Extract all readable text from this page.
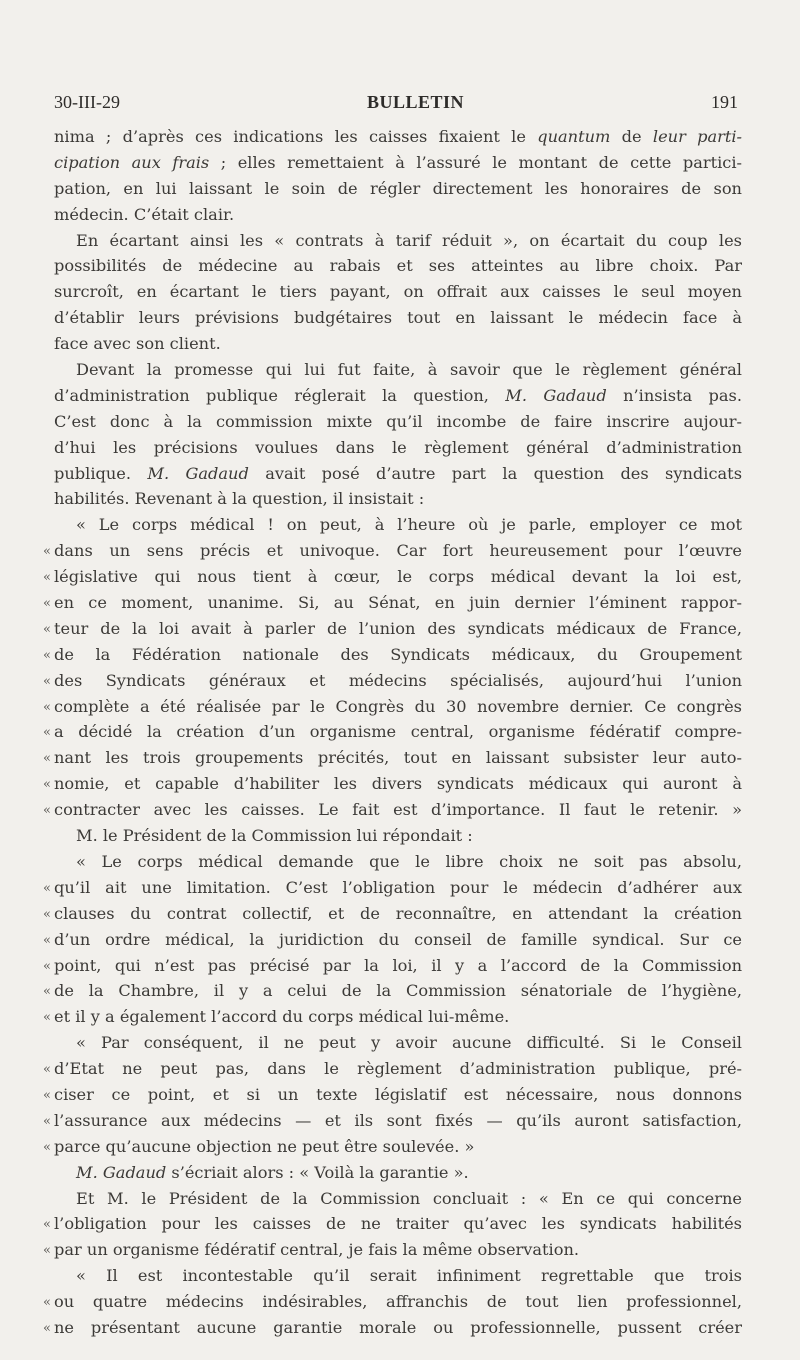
30-III-29	BULLETIN	191
nima ; d’après ces indications les caisses fixaient le quantum de leur parti-
cipation aux frais ; elles remettaient à l’assuré le montant de cette partici-
pation, en lui laissant le soin de régler directement les honoraires de son
médecin. C’était clair.
En écartant ainsi les « contrats à tarif réduit », on écartait du coup les
possibilités de médecine au rabais et ses atteintes au libre choix. Par
surcroît, en écartant le tiers payant, on offrait aux caisses le seul moyen
d’établir leurs prévisions budgétaires tout en laissant le médecin face à
face avec son client.
Devant la promesse qui lui fut faite, à savoir que le règlement général
d’administration publique réglerait la question, M. Gadaud n’insista pas.
C’est donc à la commission mixte qu’il incombe de faire inscrire aujour-
d’hui les précisions voulues dans le règlement général d’administration
publique. M. Gadaud avait posé d’autre part la question des syndicats
habilités. Revenant à la question, il insistait :
« Le corps médical ! on peut, à l’heure où je parle, employer ce mot
« dans un sens précis et univoque. Car fort heureusement pour l’œuvre
« législative qui nous tient à cœur, le corps médical devant la loi est,
« en ce moment, unanime. Si, au Sénat, en juin dernier l’éminent rappor-
« teur de la loi avait à parler de l’union des syndicats médicaux de France,
« de la Fédération nationale des Syndicats médicaux, du Groupement
« des Syndicats généraux et médecins spécialisés, aujourd’hui l’union
« complète a été réalisée par le Congrès du 30 novembre dernier. Ce congrès
« a décidé la création d’un organisme central, organisme fédératif compre-
« nant les trois groupements précités, tout en laissant subsister leur auto-
« nomie, et capable d’habiliter les divers syndicats médicaux qui auront à
« contracter avec les caisses. Le fait est d’importance. Il faut le retenir. »
M. le Président de la Commission lui répondait :
« Le corps médical demande que le libre choix ne soit pas absolu,
« qu’il ait une limitation. C’est l’obligation pour le médecin d’adhérer aux
« clauses du contrat collectif, et de reconnaître, en attendant la création
« d’un ordre médical, la juridiction du conseil de famille syndical. Sur ce
« point, qui n’est pas précisé par la loi, il y a l’accord de la Commission
« de la Chambre, il y a celui de la Commission sénatoriale de l’hygiène,
« et il y a également l’accord du corps médical lui-même.
« Par conséquent, il ne peut y avoir aucune difficulté. Si le Conseil
« d’Etat ne peut pas, dans le règlement d’administration publique, pré-
« ciser ce point, et si un texte législatif est nécessaire, nous donnons
« l’assurance aux médecins — et ils sont fixés — qu’ils auront satisfaction,
« parce qu’aucune objection ne peut être soulevée. »
M. Gadaud s’écriait alors : « Voilà la garantie ».
Et M. le Président de la Commission concluait : « En ce qui concerne
« l’obligation pour les caisses de ne traiter qu’avec les syndicats habilités
« par un organisme fédératif central, je fais la même observation.
« Il est incontestable qu’il serait infiniment regrettable que trois
« ou quatre médecins indésirables, affranchis de tout lien professionnel,
« ne présentant aucune garantie morale ou professionnelle, pussent créer
